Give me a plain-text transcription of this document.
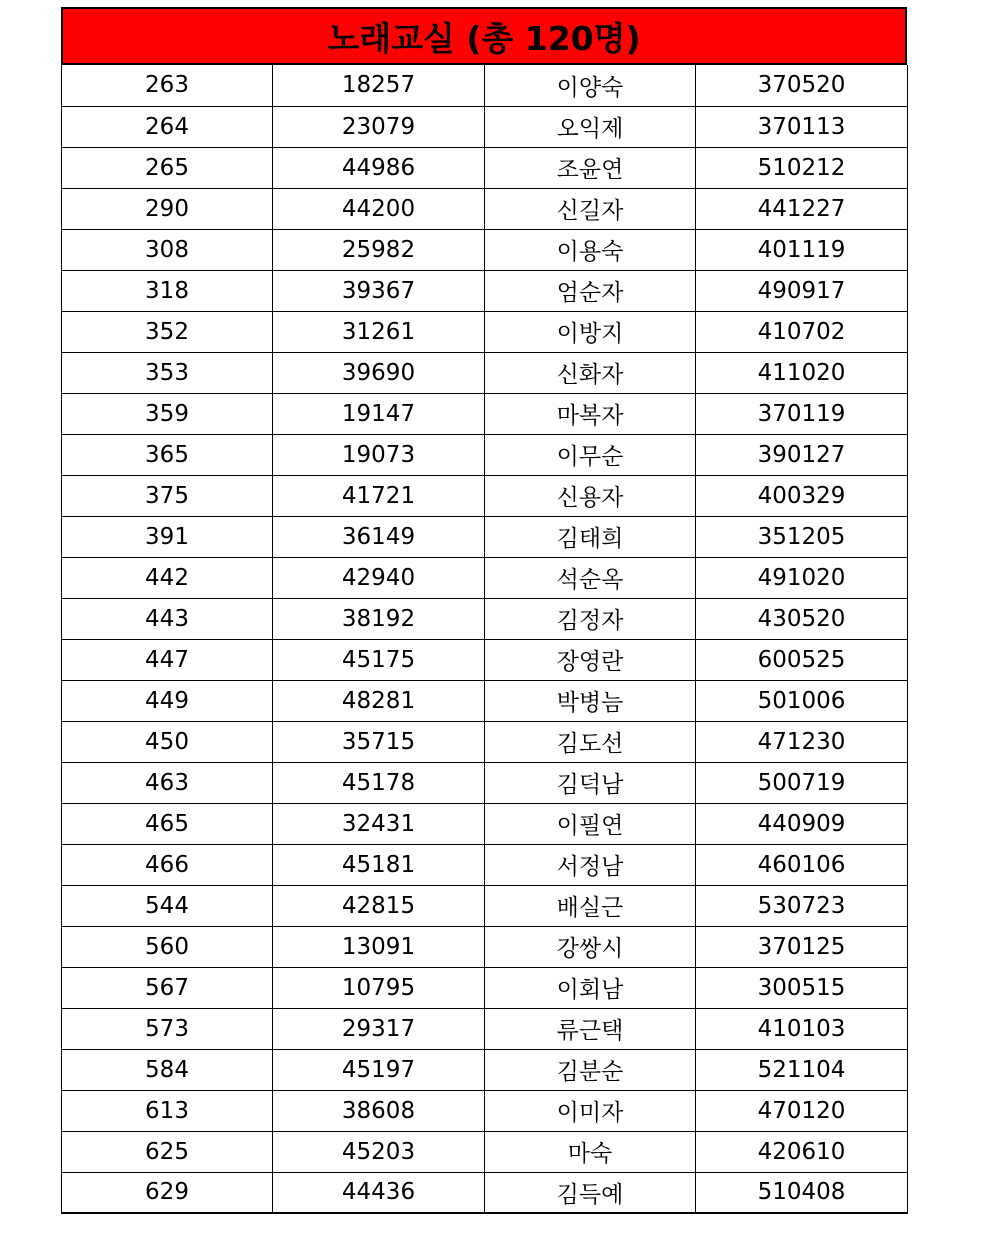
노래교실 (총 120명)
263	18257	이양숙	370520
264	23079	오익제	370113
265	44986	조윤연	510212
290	44200	신길자	441227
308	25982	이용숙	401119
318	39367	엄순자	490917
352	31261	이방지	410702
353	39690	신화자	411020
359	19147	마복자	370119
365	19073	이무순	390127
375	41721	신용자	400329
391	36149	김태희	351205
442	42940	석순옥	491020
443	38192	김정자	430520
447	45175	장영란	600525
449	48281	박병늠	501006
450	35715	김도선	471230
463	45178	김덕남	500719
465	32431	이필연	440909
466	45181	서정남	460106
544	42815	배실근	530723
560	13091	강쌍시	370125
567	10795	이회남	300515
573	29317	류근택	410103
584	45197	김분순	521104
613	38608	이미자	470120
625	45203	마숙	420610
629	44436	김득예	510408
